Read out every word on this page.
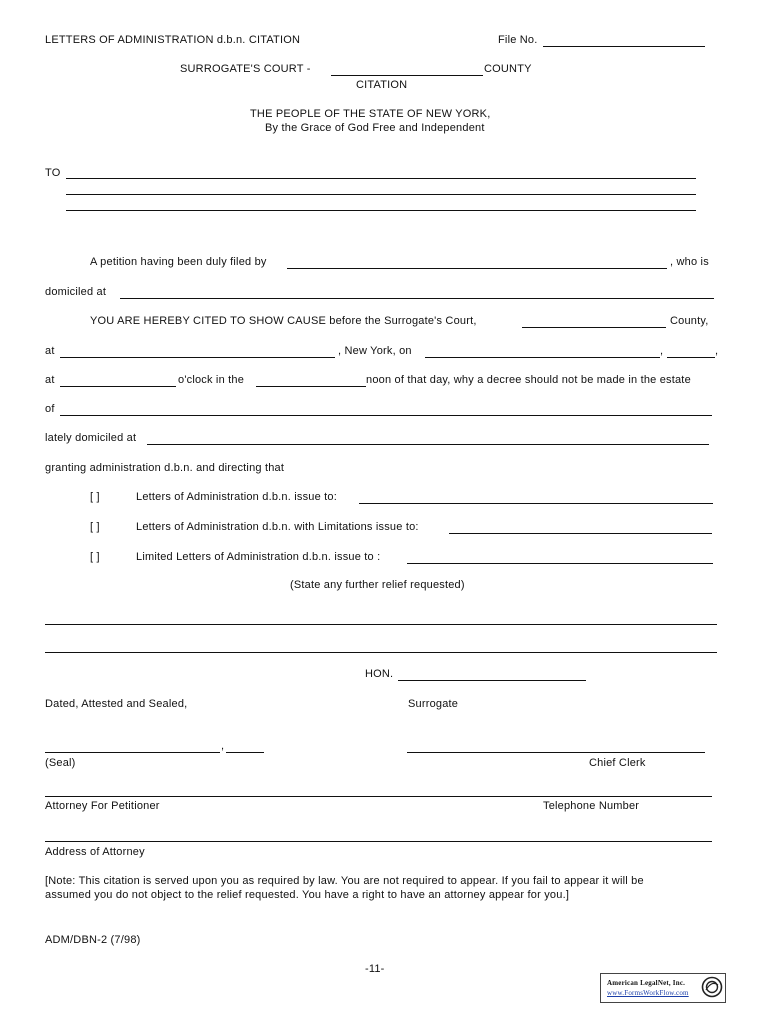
LETTERS OF ADMINISTRATION d.b.n. CITATION	File No.
SURROGATE'S COURT -	COUNTY
CITATION
THE PEOPLE OF THE STATE OF NEW YORK,
By the Grace of God Free and Independent
TO
A petition having been duly filed by	, who is
domiciled at
YOU ARE HEREBY CITED TO SHOW CAUSE before the Surrogate's Court,	County,
at	, New York, on	,	,
at	o'clock in the	noon of that day, why a decree should not be made in the estate
of
lately domiciled at
granting administration d.b.n. and directing that
[ ]	Letters of Administration d.b.n. issue to:
[ ]	Letters of Administration d.b.n. with Limitations issue to:
[ ]	Limited Letters of Administration d.b.n. issue to :
(State any further relief requested)
HON.
Dated, Attested and Sealed,	Surrogate
,
(Seal)	Chief Clerk
Attorney For Petitioner	Telephone Number
Address of Attorney
[Note: This citation is served upon you as required by law. You are not required to appear. If you fail to appear it will be
assumed you do not object to the relief requested. You have a right to have an attorney appear for you.]
ADM/DBN-2 (7/98)
-11-
American LegalNet, Inc.
www.FormsWorkFlow.com
